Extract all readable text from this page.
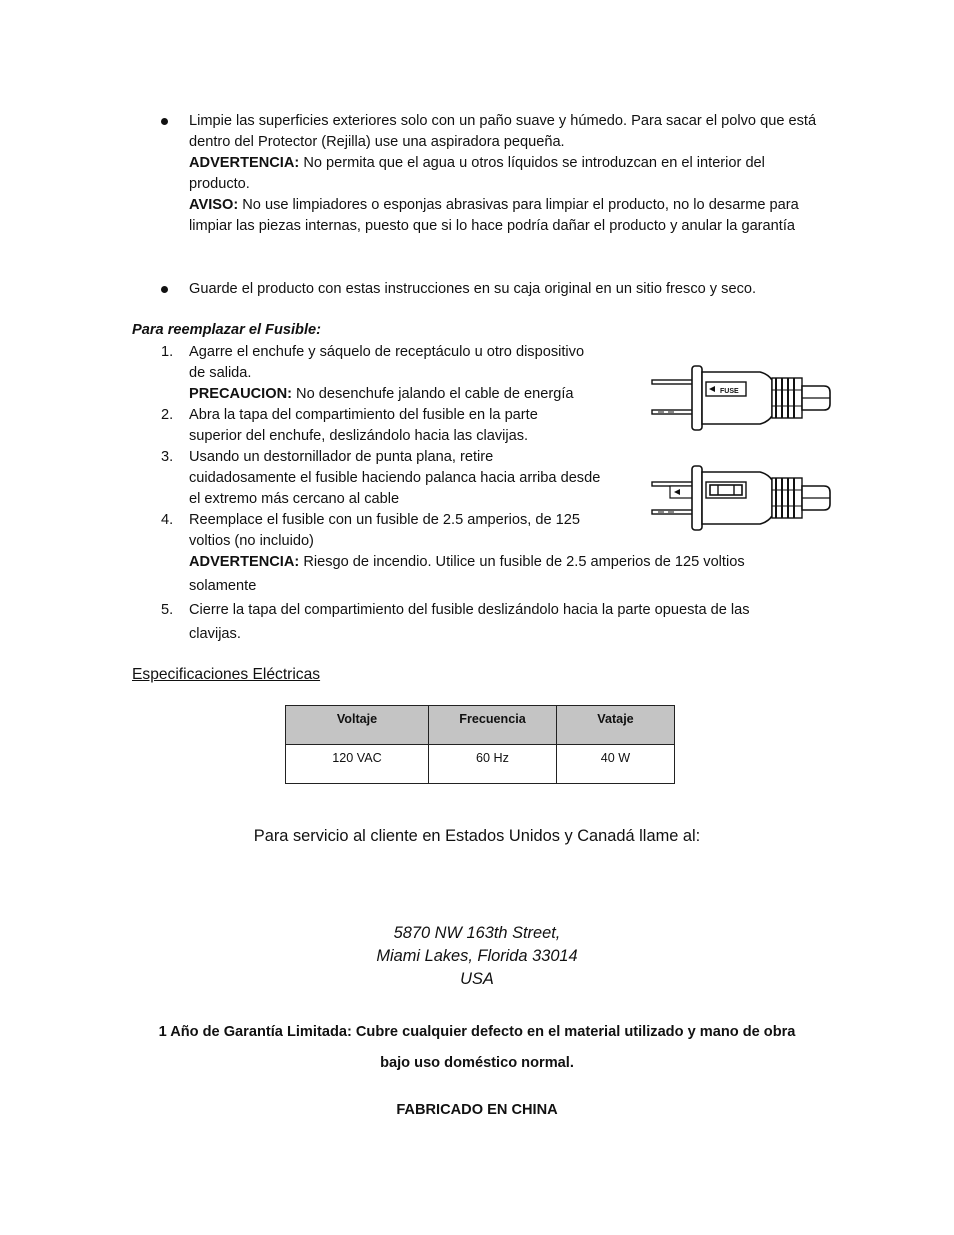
Limpie las superficies exteriores solo con un paño suave y húmedo. Para sacar el polvo que está dentro del Protector (Rejilla) use una aspiradora pequeña.
ADVERTENCIA: No permita que el agua u otros líquidos se introduzcan en el interior del producto.
AVISO: No use limpiadores o esponjas abrasivas para limpiar el producto, no lo desarme para limpiar las piezas internas, puesto que si lo hace podría dañar el producto y anular la garantía
Guarde el producto con estas instrucciones en su caja original en un sitio fresco y seco.
Para reemplazar el Fusible:
1. Agarre el enchufe y sáquelo de receptáculo u otro dispositivo
de salida.
PRECAUCION: No desenchufe jalando el cable de energía
2. Abra la tapa del compartimiento del fusible en la parte
superior del enchufe, deslizándolo hacia las clavijas.
3. Usando un destornillador de punta plana, retire
cuidadosamente el fusible haciendo palanca hacia arriba desde
el extremo más cercano al cable
4. Reemplace el fusible con un fusible de 2.5 amperios, de 125
voltios (no incluido)
ADVERTENCIA: Riesgo de incendio. Utilice un fusible de 2.5 amperios de 125 voltios
solamente
5. Cierre la tapa del compartimiento del fusible deslizándolo hacia la parte opuesta de las
clavijas.
FUSE
Especificaciones Eléctricas
Voltaje	Frecuencia	Vataje
120 VAC	60 Hz	40 W
Para servicio al cliente en Estados Unidos y Canadá llame al:
5870 NW 163th Street,
Miami Lakes, Florida 33014
USA
1 Año de Garantía Limitada: Cubre cualquier defecto en el material utilizado y mano de obra
bajo uso doméstico normal.
FABRICADO EN CHINA
